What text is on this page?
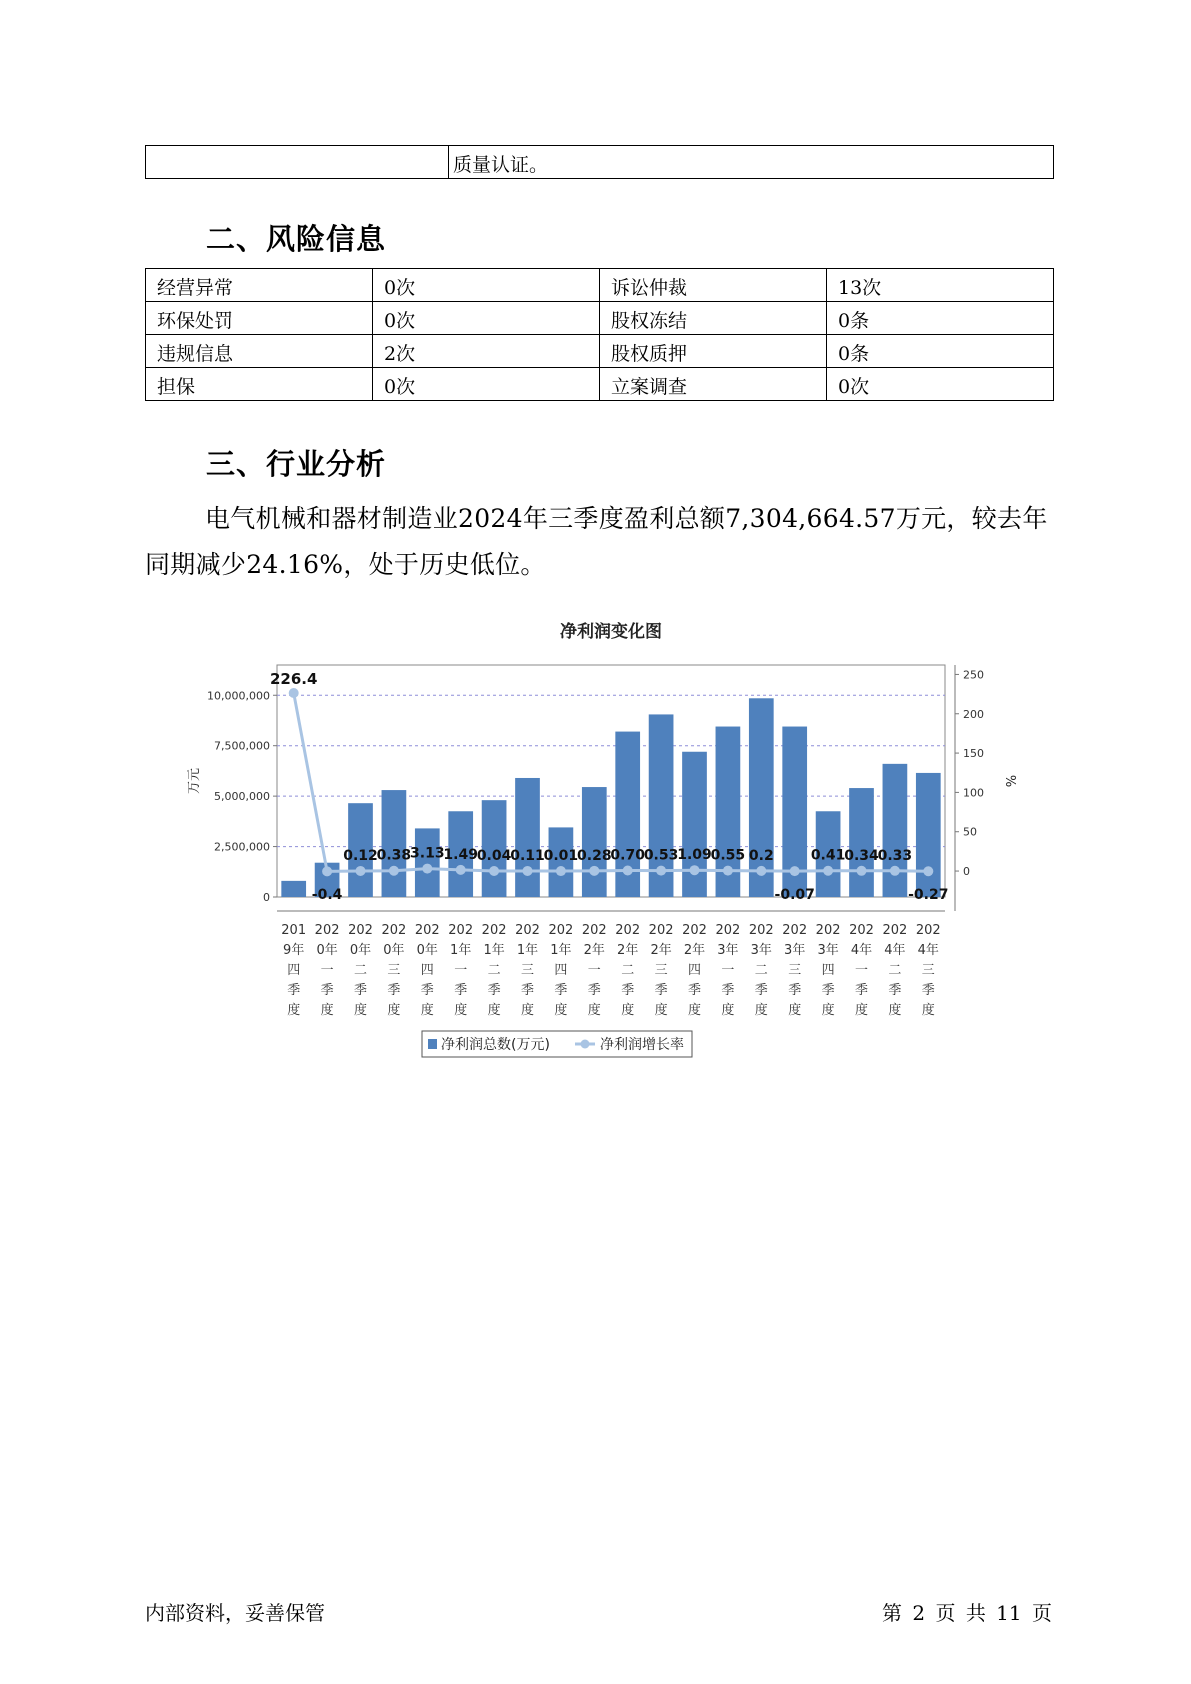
	质量认证。
二、风险信息
经营异常	0次	诉讼仲裁	13次
环保处罚	0次	股权冻结	0条
违规信息	2次	股权质押	0条
担保	0次	立案调查	0次
三、行业分析

电气机械和器材制造业2024年三季度盈利总额7,304,664.57万元，较去年同期减少24.16%，处于历史低位。

净利润变化图
0
2,500,000
5,000,000
7,500,000
10,000,000
0
50
100
150
200
250
万元	%
226.4
-0.4
0.12
0.38
3.13
1.49
0.04
0.11
0.01
0.28
0.70
0.53
1.09
0.55 0.2
-0.07
0.41
0.34
0.33
-0.27
201 9年四季度
202 0年一季度
202 0年二季度
202 0年三季度
202 0年四季度
202 1年一季度
202 1年二季度
202 1年三季度
202 1年四季度
202 2年一季度
202 2年二季度
202 2年三季度
202 2年四季度
202 3年一季度
202 3年二季度
202 3年三季度
202 3年四季度
202 4年一季度
202 4年二季度
202 4年三季度
净利润总数(万元)	净利润增长率
内部资料，妥善保管	第 2 页 共 11 页
